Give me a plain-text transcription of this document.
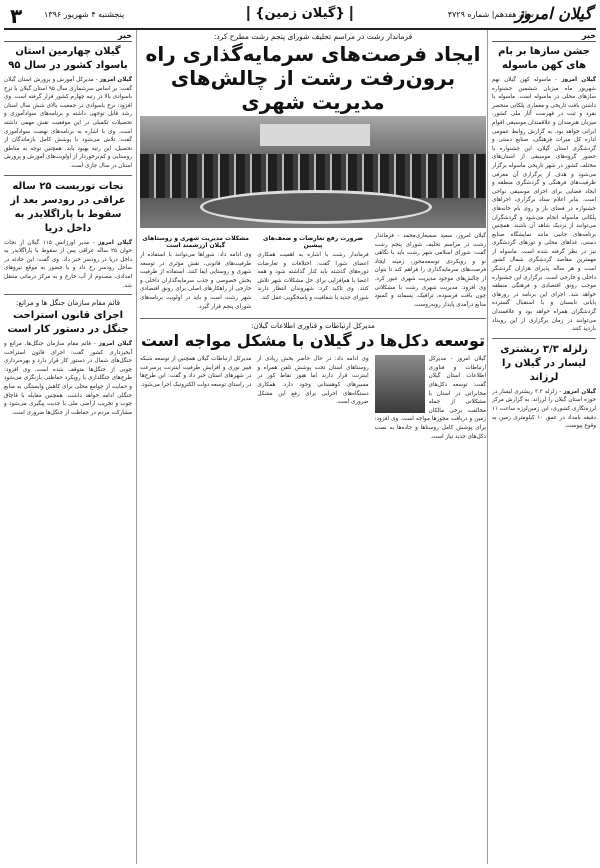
۳	پنجشنبه ۴ شهریور ۱۳۹۶	{گیلان زمین}	سال هفدهم| شماره ۴۷۲۹
گیلان امروز
خبر
جشن سازها بر بام های کهن ماسوله

گیلان امروز - ماسوله کهن گیلان نهم شهریور ماه میزبان ششمین جشنواره سازهای محلی در ماسوله است. ماسوله با داشتن بافت تاریخی و معماری پلکانی منحصر بفرد و ثبت در فهرست آثار ملی کشور، میزبان هنرمندان و علاقمندان موسیقی اقوام ایرانی خواهد بود. به گزارش روابط عمومی اداره کل میراث فرهنگی، صنایع دستی و گردشگری استان گیلان، این جشنواره با حضور گروه‌های موسیقی از استان‌های مختلف کشور در شهر تاریخی ماسوله برگزار می‌شود و هدف از برگزاری آن معرفی ظرفیت‌های فرهنگی و گردشگری منطقه و ایجاد فضایی برای اجرای موسیقی نواحی است. بنابر اعلام ستاد برگزاری، اجراهای جشنواره در فضای باز و روی بام خانه‌های پلکانی ماسوله انجام می‌شود و گردشگران می‌توانند از نزدیک شاهد آن باشند. همچنین برنامه‌های جانبی مانند نمایشگاه صنایع دستی، غذاهای محلی و تورهای گردشگری نیز در نظر گرفته شده است. ماسوله از مهمترین مقاصد گردشگری شمال کشور است و هر ساله پذیرای هزاران گردشگر داخلی و خارجی است. برگزاری این جشنواره موجب رونق اقتصادی و فرهنگی منطقه خواهد شد. اجرای این برنامه در روزهای پایانی تابستان و با استقبال گسترده گردشگران همراه خواهد بود و علاقمندان می‌توانند در زمان برگزاری از این رویداد بازدید کنند.

زلزله ۳/۳ ریشتری لیسار در گیلان را لرزاند

گیلان امروز - زلزله ۳.۳ ریشتری لیسار در حوزه استان گیلان را لرزاند. به گزارش مرکز لرزه‌نگاری کشوری، این زمین‌لرزه ساعت ۱۱ دقیقه بامداد در عمق ۱۰ کیلومتری زمین به وقوع پیوست.

فرماندار رشت در مراسم تحلیف شورای پنجم رشت مطرح کرد:
ایجاد فرصت‌های سرمایه‌گذاری راه برون‌رفت رشت از چالش‌های مدیریت شهری

گیلان امروز، سعید سمیعاری‌محمد - فرماندار رشت در مراسم تحلیف شورای پنجم رشت گفت: شورای اسلامی شهر رشت باید با نگاهی نو و رویکردی توسعه‌محور، زمینه ایجاد فرصت‌های سرمایه‌گذاری را فراهم کند تا بتوان از چالش‌های موجود مدیریت شهری عبور کرد. وی افزود: مدیریت شهری رشت با مشکلاتی چون بافت فرسوده، ترافیک، پسماند و کمبود منابع درآمدی پایدار روبه‌روست.

ضرورت رفع تعارضات و ضعف‌های پیشین

فرماندار رشت با اشاره به اهمیت همکاری اعضای شورا گفت: اختلافات و تعارضات دوره‌های گذشته باید کنار گذاشته شود و همه اعضا با هم‌افزایی برای حل مشکلات شهر تلاش کنند. وی تاکید کرد: شهروندان انتظار دارند شورای جدید با شفافیت و پاسخگویی عمل کند.

مشکلات مدیریت شهری و روستاهای گیلان ارزشمند است

وی ادامه داد: شوراها می‌توانند با استفاده از ظرفیت‌های قانونی، نقش مؤثری در توسعه شهری و روستایی ایفا کنند. استفاده از ظرفیت بخش خصوصی و جذب سرمایه‌گذاران داخلی و خارجی از راهکارهای اصلی برای رونق اقتصادی شهر رشت است و باید در اولویت برنامه‌های شورای پنجم قرار گیرد.

مدیرکل ارتباطات و فناوری اطلاعات گیلان:
توسعه دکل‌ها در گیلان با مشکل مواجه است

گیلان امروز - مدیرکل ارتباطات و فناوری اطلاعات استان گیلان گفت: توسعه دکل‌های مخابراتی در استان با مشکلاتی از جمله مخالفت برخی مالکان زمین و دریافت مجوزها مواجه است. وی افزود: برای پوشش کامل روستاها و جاده‌ها به نصب دکل‌های جدید نیاز است.

وی ادامه داد: در حال حاضر بخش زیادی از روستاهای استان تحت پوشش تلفن همراه و اینترنت قرار دارند اما هنوز نقاط کور در مسیرهای کوهستانی وجود دارد. همکاری دستگاه‌های اجرایی برای رفع این مشکل ضروری است.

مدیرکل ارتباطات گیلان همچنین از توسعه شبکه فیبر نوری و افزایش ظرفیت اینترنت پرسرعت در شهرهای استان خبر داد و گفت: این طرح‌ها در راستای توسعه دولت الکترونیک اجرا می‌شود.

خبر
گیلان چهارمین استان باسواد کشور در سال ۹۵

گیلان امروز - مدیرکل آموزش و پرورش استان گیلان گفت: بر اساس سرشماری سال ۹۵ استان گیلان با نرخ باسوادی بالا در رتبه چهارم کشور قرار گرفته است. وی افزود: نرخ باسوادی در جمعیت بالای شش سال استان رشد قابل توجهی داشته و برنامه‌های سوادآموزی و تحصیلات تکمیلی در این موفقیت نقش مهمی داشته است. وی با اشاره به برنامه‌های نهضت سوادآموزی گفت: تلاش می‌شود با پوشش کامل بازماندگان از تحصیل، این رتبه بهبود یابد. همچنین توجه به مناطق روستایی و کم‌برخوردار از اولویت‌های آموزش و پرورش استان در سال جاری است.

نجات توریست ۲۵ ساله عراقی در رودسر بعد از سقوط با پاراگلایدر به داخل دریا

گیلان امروز - مدیر اورژانس ۱۱۵ گیلان از نجات جوان ۲۵ ساله عراقی پس از سقوط با پاراگلایدر به داخل دریا در رودسر خبر داد. وی گفت: این حادثه در ساحل رودسر رخ داد و با حضور به موقع نیروهای امدادی، مصدوم از آب خارج و به مرکز درمانی منتقل شد.

قائم مقام سازمان جنگل ها و مراتع:
اجرای قانون استراحت جنگل در دستور کار است

گیلان امروز - قائم مقام سازمان جنگل‌ها، مراتع و آبخیزداری کشور گفت: اجرای قانون استراحت جنگل‌های شمال در دستور کار قرار دارد و بهره‌برداری چوبی از جنگل‌ها متوقف شده است. وی افزود: طرح‌های جنگلداری با رویکرد حفاظتی بازنگری می‌شود و حمایت از جوامع محلی برای کاهش وابستگی به منابع جنگلی ادامه خواهد داشت. همچنین مقابله با قاچاق چوب و تخریب اراضی ملی با جدیت پیگیری می‌شود و مشارکت مردم در حفاظت از جنگل‌ها ضروری است.
